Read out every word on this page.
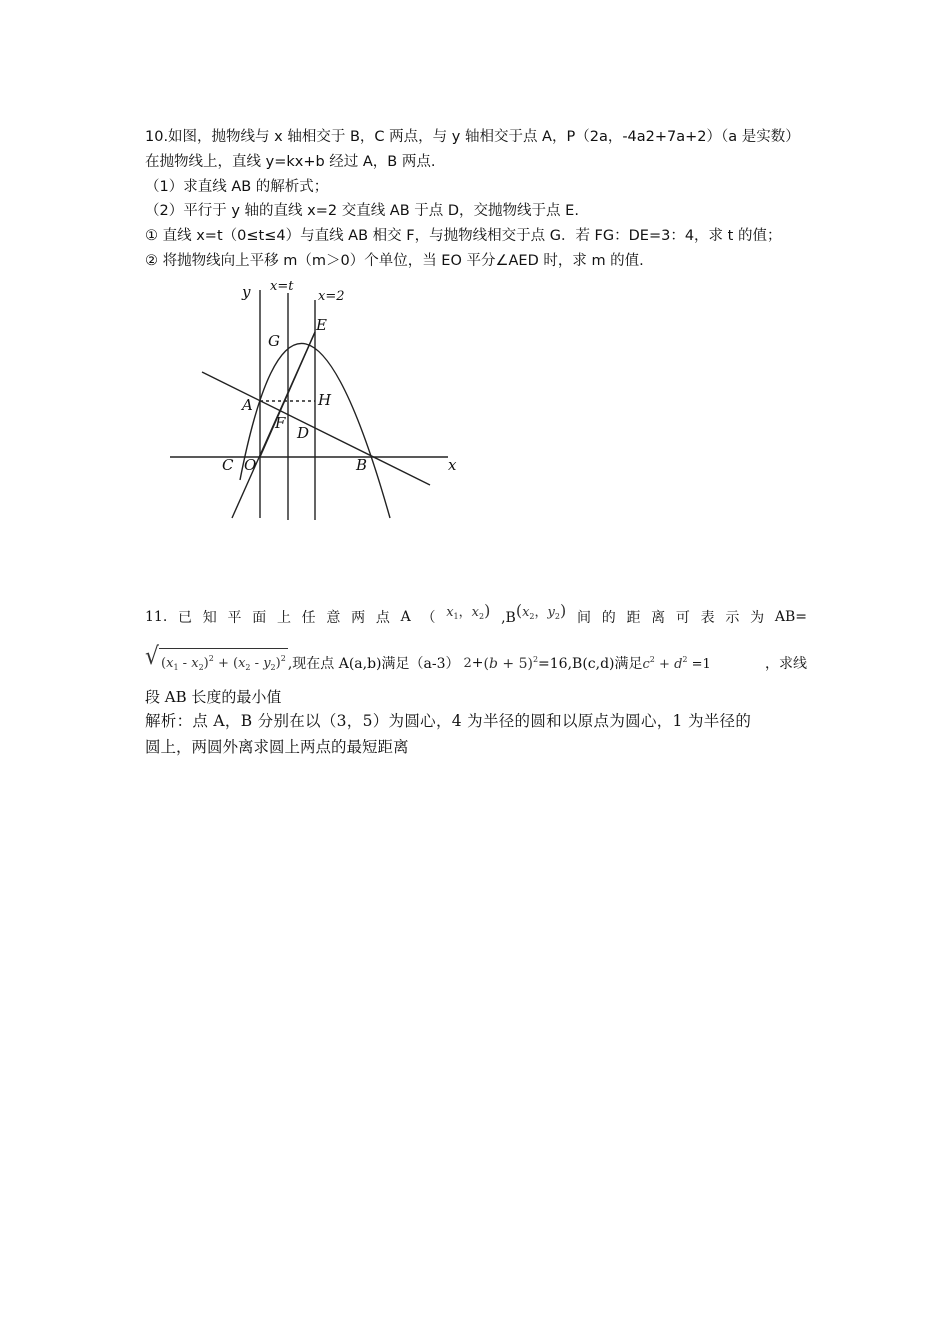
10.如图，抛物线与 x 轴相交于 B，C 两点，与 y 轴相交于点 A，P（2a，-4a2+7a+2）（a 是实数）
在抛物线上，直线 y=kx+b 经过 A，B 两点.
（1）求直线 AB 的解析式；
（2）平行于 y 轴的直线 x=2 交直线 AB 于点 D，交抛物线于点 E.
① 直线 x=t（0≤t≤4）与直线 AB 相交 F，与抛物线相交于点 G．若 FG：DE=3：4，求 t 的值；
② 将抛物线向上平移 m（m＞0）个单位，当 EO 平分∠AED 时，求 m 的值.
y x=t
x=2
E
G
A	H
F
D
C O	B	x
11. 已 知 平 面 上 任 意 两 点 A （ $x_1$，$x_2$) $,B(x_2$，$y_2$) 间 的 距 离 可 表 示 为 AB=
√ $(x_1 - x_2)^2 + (x_2 - y_2)^2$ ,现在点 A(a,b)满足（a-3） $2 + (b + 5)^2 =16,B(c,d)$满足 $c^2 + d^2 =1$	，求线
段 AB 长度的最小值
解析：点 A，B 分别在以（3，5）为圆心，4 为半径的圆和以原点为圆心，1 为半径的
圆上，两圆外离求圆上两点的最短距离
